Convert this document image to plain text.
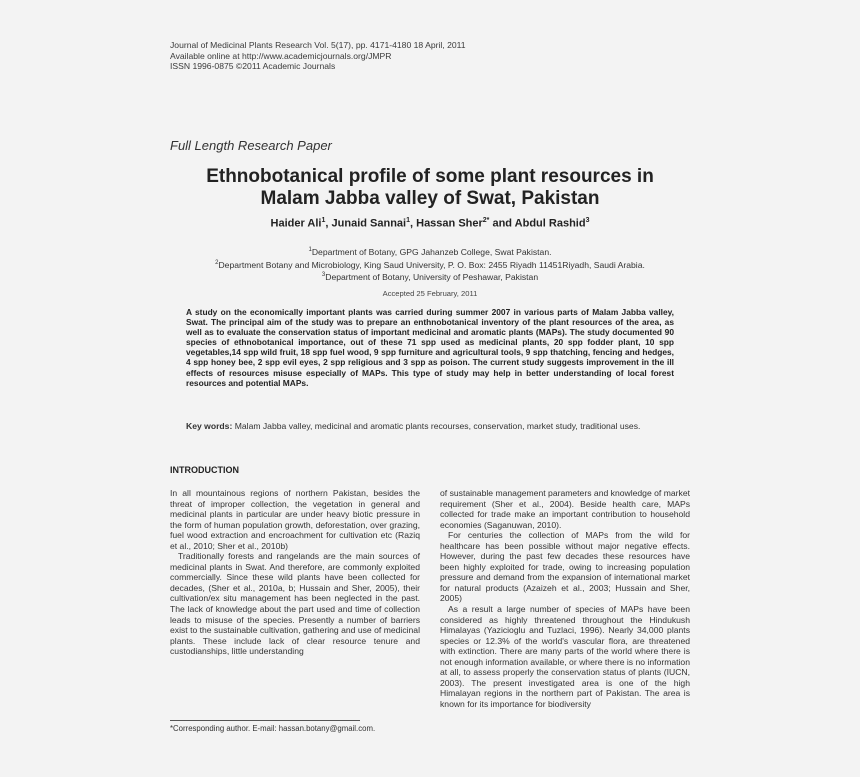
Journal of Medicinal Plants Research Vol. 5(17), pp. 4171-4180 18 April, 2011
Available online at http://www.academicjournals.org/JMPR
ISSN 1996-0875 ©2011 Academic Journals
Full Length Research Paper
Ethnobotanical profile of some plant resources in
Malam Jabba valley of Swat, Pakistan
Haider Ali$^1$, Junaid Sannai$^1$, Hassan Sher$^{2*}$ and Abdul Rashid$^3$
$^1$Department of Botany, GPG Jahanzeb College, Swat Pakistan.
$^2$Department Botany and Microbiology, King Saud University, P. O. Box: 2455 Riyadh 11451Riyadh, Saudi Arabia.
$^3$Department of Botany, University of Peshawar, Pakistan
Accepted 25 February, 2011
A study on the economically important plants was carried during summer 2007 in various parts of Malam Jabba valley, Swat. The principal aim of the study was to prepare an enthnobotanical inventory of the plant resources of the area, as well as to evaluate the conservation status of important medicinal and aromatic plants (MAPs). The study documented 90 species of ethnobotanical importance, out of these 71 spp used as medicinal plants, 20 spp fodder plant, 10 spp vegetables,14 spp wild fruit, 18 spp fuel wood, 9 spp furniture and agricultural tools, 9 spp thatching, fencing and hedges, 4 spp honey bee, 2 spp evil eyes, 2 spp religious and 3 spp as poison. The current study suggests improvement in the ill effects of resources misuse especially of MAPs. This type of study may help in better understanding of local forest resources and potential MAPs.
Key words: Malam Jabba valley, medicinal and aromatic plants recourses, conservation, market study, traditional uses.
INTRODUCTION

In all mountainous regions of northern Pakistan, besides the threat of improper collection, the vegetation in general and medicinal plants in particular are under heavy biotic pressure in the form of human population growth, deforestation, over grazing, fuel wood extraction and encroachment for cultivation etc (Raziq et al., 2010; Sher et al., 2010b)

Traditionally forests and rangelands are the main sources of medicinal plants in Swat. And therefore, are commonly exploited commercially. Since these wild plants have been collected for decades, (Sher et al., 2010a, b; Hussain and Sher, 2005), their cultivation/ex situ management has been neglected in the past. The lack of knowledge about the part used and time of collection leads to misuse of the species. Presently a number of barriers exist to the sustainable cultivation, gathering and use of medicinal plants. These include lack of clear resource tenure and custodianships, little understanding

of sustainable management parameters and knowledge of market requirement (Sher et al., 2004). Beside health care, MAPs collected for trade make an important contribution to household economies (Saganuwan, 2010).

For centuries the collection of MAPs from the wild for healthcare has been possible without major negative effects. However, during the past few decades these resources have been highly exploited for trade, owing to increasing population pressure and demand from the expansion of international market for natural products (Azaizeh et al., 2003; Hussain and Sher, 2005)

As a result a large number of species of MAPs have been considered as highly threatened throughout the Hindukush Himalayas (Yazicioglu and Tuzlaci, 1996). Nearly 34,000 plants species or 12.3% of the world's vascular flora, are threatened with extinction. There are many parts of the world where there is not enough information available, or where there is no information at all, to assess properly the conservation status of plants (IUCN, 2003). The present investigated area is one of the high Himalayan regions in the northern part of Pakistan. The area is known for its importance for biodiversity

*Corresponding author. E-mail: hassan.botany@gmail.com.
